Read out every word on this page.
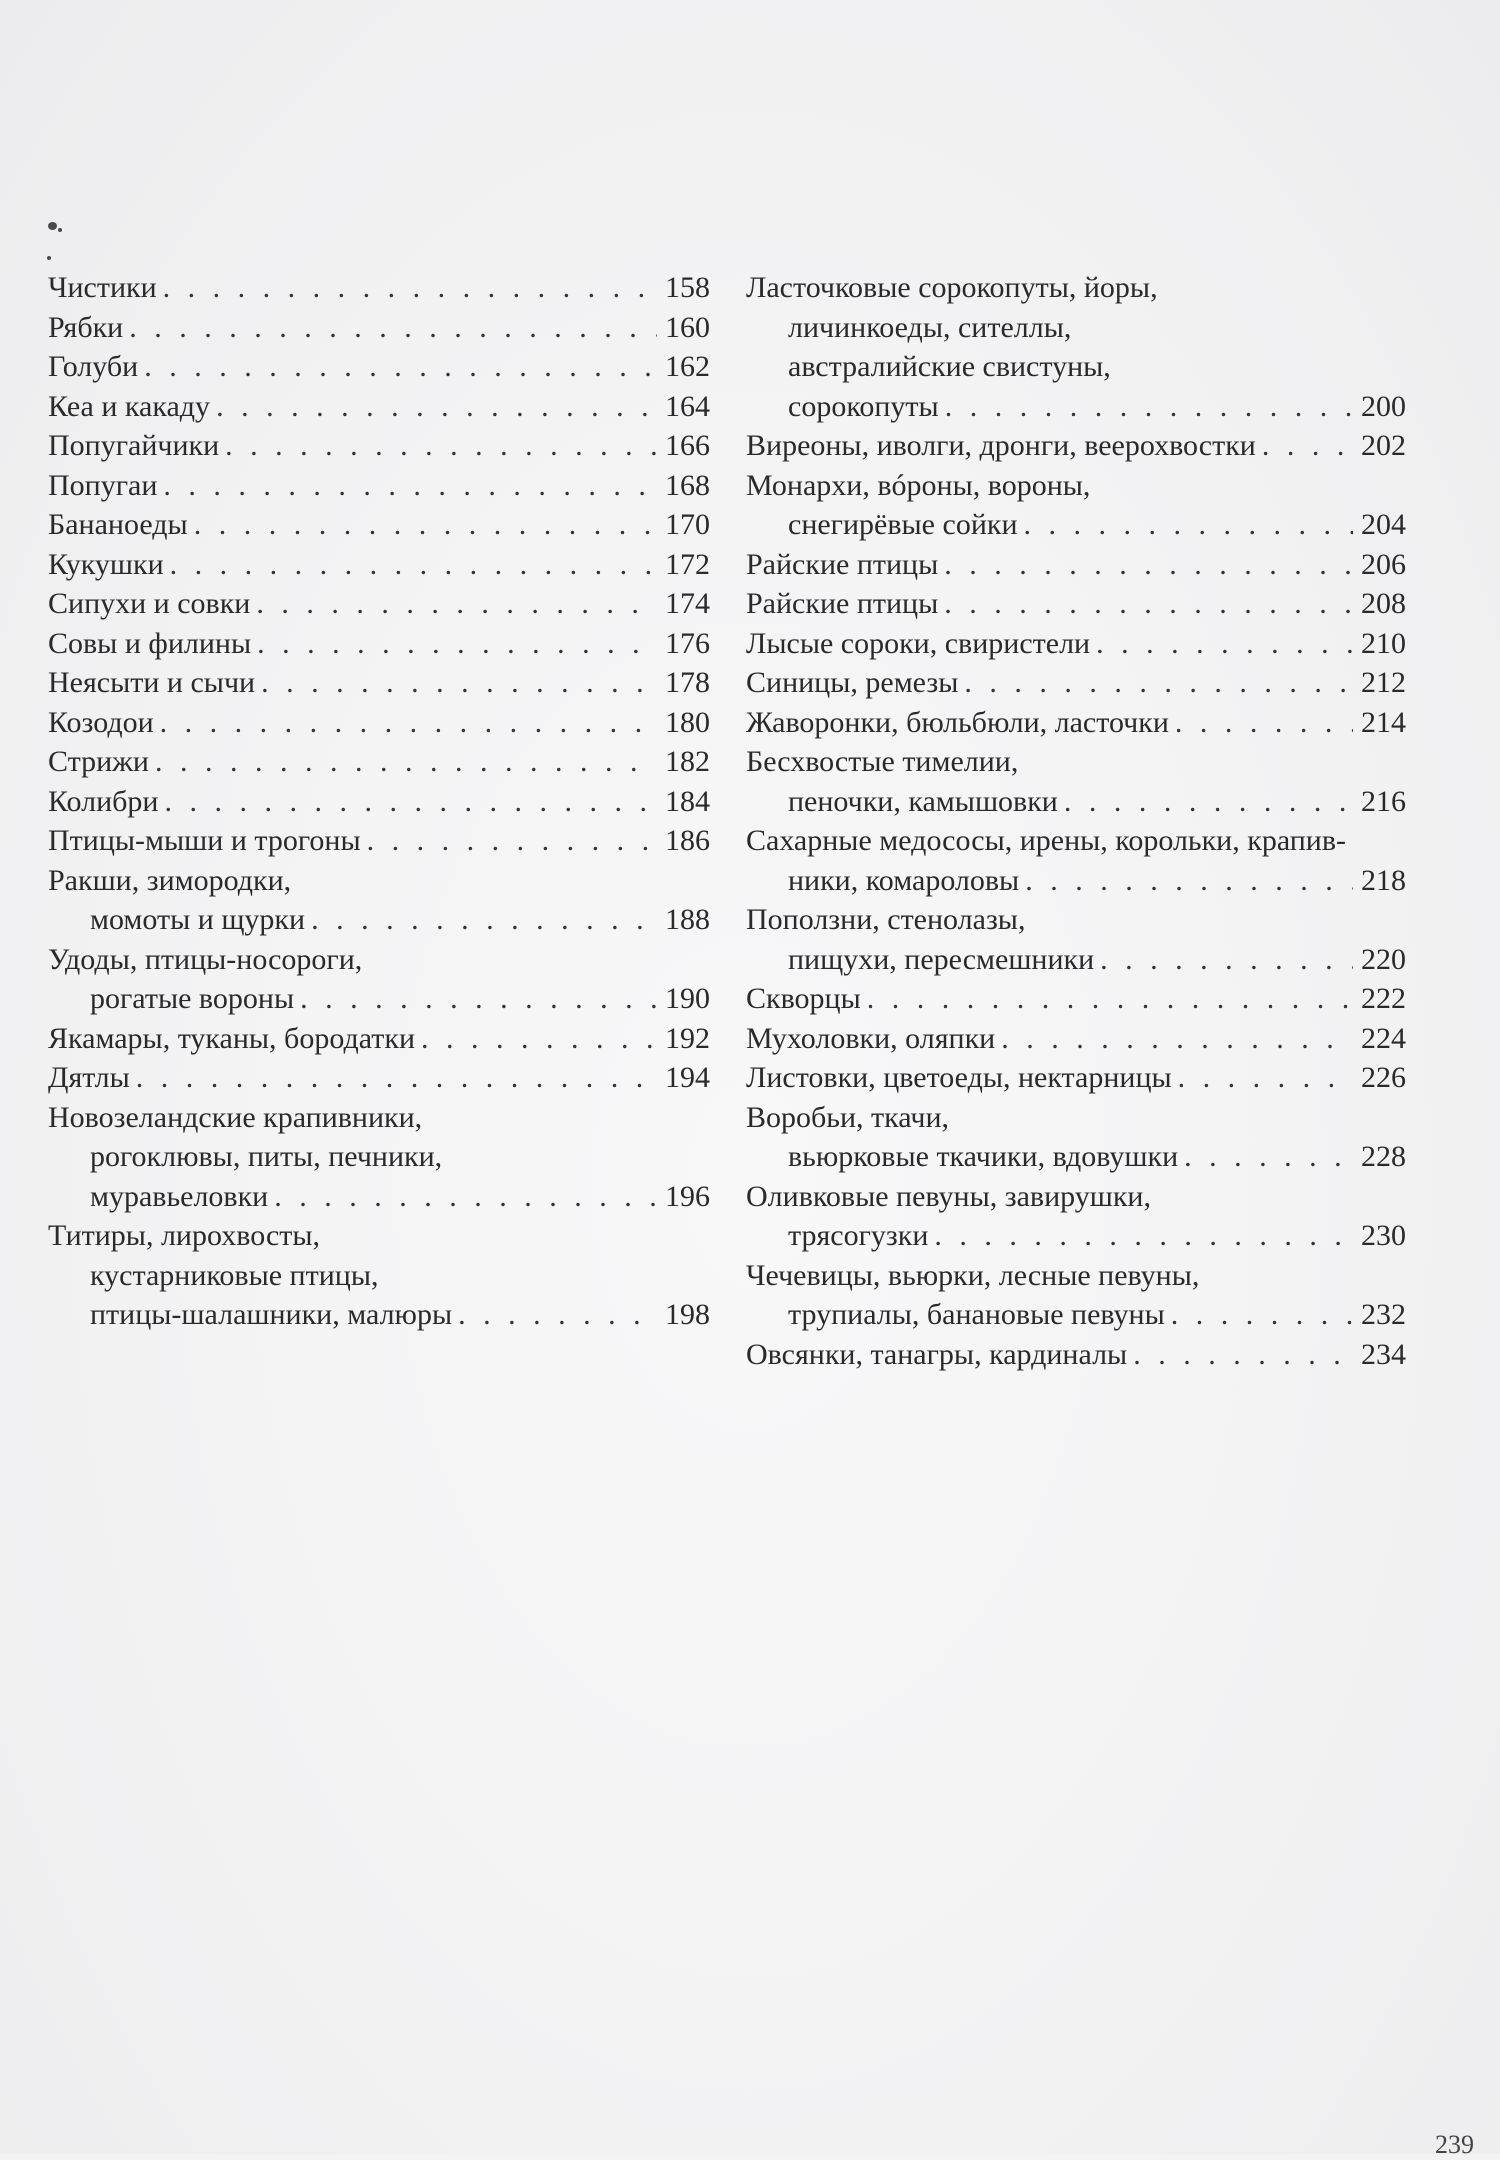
Чистики . . .	158
Рябки . . .	160
Голуби . . .	162
Кеа и какаду . . .	164
Попугайчики . . .	166
Попугаи . . .	168
Бананоеды . . .	170
Кукушки . . .	172
Сипухи и совки . . .	174
Совы и филины . . .	176
Неясыти и сычи . . .	178
Козодои . . .	180
Стрижи . . .	182
Колибри . . .	184
Птицы-мыши и трогоны . . .	186
Ракши, зимородки,
момоты и щурки . . .	188
Удоды, птицы-носороги,
рогатые вороны . . .	190
Якамары, туканы, бородатки . . .	192
Дятлы . . .	194
Новозеландские крапивники,
рогоклювы, питы, печники,
муравьеловки . . .	196
Титиры, лирохвосты,
кустарниковые птицы,
птицы-шалашники, малюры . . .	198
Ласточковые сорокопуты, йоры,
личинкоеды, сителлы,
австралийские свистуны,
сорокопуты . . .	200
Виреоны, иволги, дронги, веерохвостки . . .	202
Монархи, вóроны, вороны,
снегирёвые сойки . . .	204
Райские птицы . . .	206
Райские птицы . . .	208
Лысые сороки, свиристели . . .	210
Синицы, ремезы . . .	212
Жаворонки, бюльбюли, ласточки . . .	214
Бесхвостые тимелии,
пеночки, камышовки . . .	216
Сахарные медососы, ирены, корольки, крапив-
ники, комароловы . . .	218
Поползни, стенолазы,
пищухи, пересмешники . . .	220
Скворцы . . .	222
Мухоловки, оляпки . . .	224
Листовки, цветоеды, нектарницы . . .	226
Воробьи, ткачи,
вьюрковые ткачики, вдовушки . . .	228
Оливковые певуны, завирушки,
трясогузки . . .	230
Чечевицы, вьюрки, лесные певуны,
трупиалы, банановые певуны . . .	232
Овсянки, танагры, кардиналы . . .	234
239
